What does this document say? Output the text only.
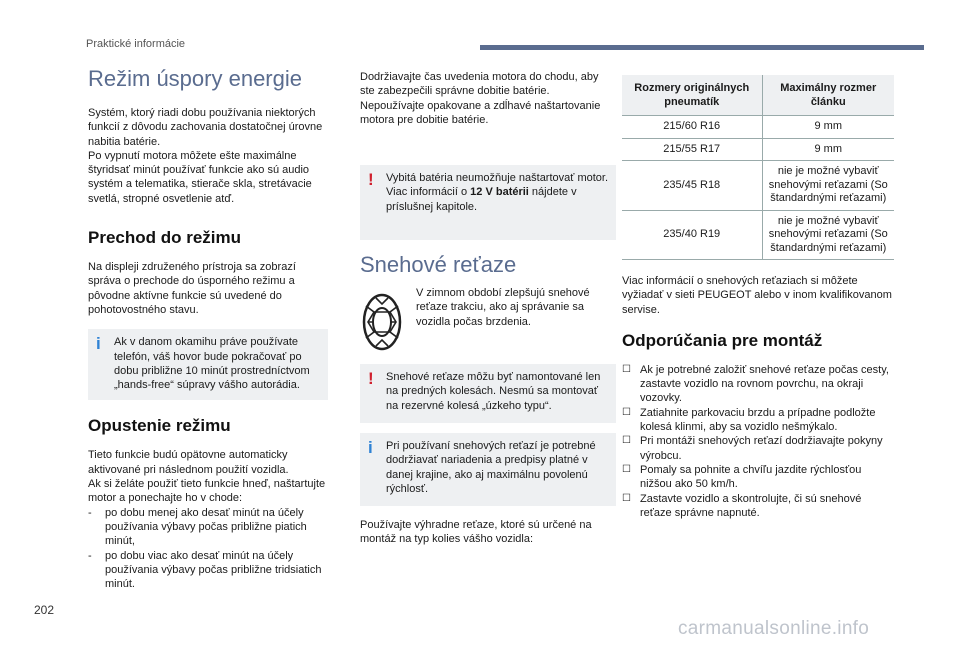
Praktické informácie
Režim úspory energie

Systém, ktorý riadi dobu používania niektorých funkcií z dôvodu zachovania dostatočnej úrovne nabitia batérie.

Po vypnutí motora môžete ešte maximálne štyridsať minút používať funkcie ako sú audio systém a telematika, stierače skla, stretávacie svetlá, stropné osvetlenie atď.

Prechod do režimu

Na displeji združeného prístroja sa zobrazí správa o prechode do úsporného režimu a pôvodne aktívne funkcie sú uvedené do pohotovostného stavu.

i Ak v danom okamihu práve používate telefón, váš hovor bude pokračovať po dobu približne 10 minút prostredníctvom „hands-free“ súpravy vášho autorádia.
Opustenie režimu

Tieto funkcie budú opätovne automaticky aktivované pri následnom použití vozidla.

Ak si želáte použiť tieto funkcie hneď, naštartujte motor a ponechajte ho v chode:

- po dobu menej ako desať minút na účely používania výbavy počas približne piatich minút,
- po dobu viac ako desať minút na účely používania výbavy počas približne tridsiatich minút.

Dodržiavajte čas uvedenia motora do chodu, aby ste zabezpečili správne dobitie batérie. Nepoužívajte opakovane a zdĺhavé naštartovanie motora pre dobitie batérie.

! Vybitá batéria neumožňuje naštartovať motor.
Viac informácií o 12 V batérii nájdete v príslušnej kapitole.
Snehové reťaze

V zimnom období zlepšujú snehové reťaze trakciu, ako aj správanie sa vozidla počas brzdenia.

! Snehové reťaze môžu byť namontované len na predných kolesách. Nesmú sa montovať na rezervné kolesá „úzkeho typu“.
i Pri používaní snehových reťazí je potrebné dodržiavať nariadenia a predpisy platné v danej krajine, ako aj maximálnu povolenú rýchlosť.

Používajte výhradne reťaze, ktoré sú určené na montáž na typ kolies vášho vozidla:

Rozmery originálnych pneumatík	Maximálny rozmer článku
215/60 R16	9 mm
215/55 R17	9 mm
235/45 R18	nie je možné vybaviť snehovými reťazami (So štandardnými reťazami)
235/40 R19	nie je možné vybaviť snehovými reťazami (So štandardnými reťazami)

Viac informácií o snehových reťaziach si môžete vyžiadať v sieti PEUGEOT alebo v inom kvalifikovanom servise.

Odporúčania pre montáž
☐ Ak je potrebné založiť snehové reťaze počas cesty, zastavte vozidlo na rovnom povrchu, na okraji vozovky.
☐ Zatiahnite parkovaciu brzdu a prípadne podložte kolesá klinmi, aby sa vozidlo nešmýkalo.
☐ Pri montáži snehových reťazí dodržiavajte pokyny výrobcu.
☐ Pomaly sa pohnite a chvíľu jazdite rýchlosťou nižšou ako 50 km/h.
☐ Zastavte vozidlo a skontrolujte, či sú snehové reťaze správne napnuté.
202
carmanualsonline.info
